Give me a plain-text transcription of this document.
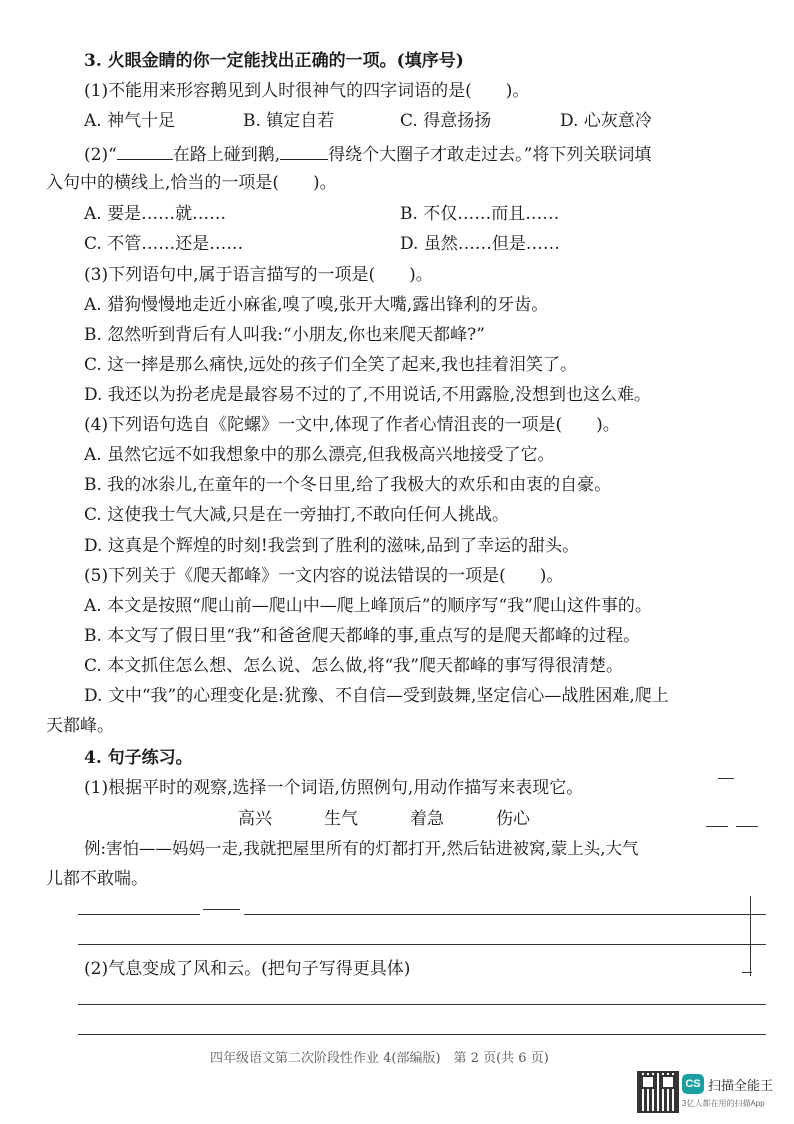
3. 火眼金睛的你一定能找出正确的一项。(填序号)
(1)不能用来形容鹅见到人时很神气的四字词语的是(　　)。
A. 神气十足	B. 镇定自若	C. 得意扬扬	D. 心灰意冷
(2)“	在路上碰到鹅,	得绕个大圈子才敢走过去。”将下列关联词填
入句中的横线上,恰当的一项是(　　)。
A. 要是……就……	B. 不仅……而且……
C. 不管……还是……	D. 虽然……但是……
(3)下列语句中,属于语言描写的一项是(　　)。
A. 猎狗慢慢地走近小麻雀,嗅了嗅,张开大嘴,露出锋利的牙齿。
B. 忽然听到背后有人叫我:“小朋友,你也来爬天都峰?”
C. 这一摔是那么痛快,远处的孩子们全笑了起来,我也挂着泪笑了。
D. 我还以为扮老虎是最容易不过的了,不用说话,不用露脸,没想到也这么难。
(4)下列语句选自《陀螺》一文中,体现了作者心情沮丧的一项是(　　)。
A. 虽然它远不如我想象中的那么漂亮,但我极高兴地接受了它。
B. 我的冰尜儿,在童年的一个冬日里,给了我极大的欢乐和由衷的自豪。
C. 这使我士气大减,只是在一旁抽打,不敢向任何人挑战。
D. 这真是个辉煌的时刻!我尝到了胜利的滋味,品到了幸运的甜头。
(5)下列关于《爬天都峰》一文内容的说法错误的一项是(　　)。
A. 本文是按照“爬山前—爬山中—爬上峰顶后”的顺序写“我”爬山这件事的。
B. 本文写了假日里“我”和爸爸爬天都峰的事,重点写的是爬天都峰的过程。
C. 本文抓住怎么想、怎么说、怎么做,将“我”爬天都峰的事写得很清楚。
D. 文中“我”的心理变化是:犹豫、不自信—受到鼓舞,坚定信心—战胜困难,爬上
天都峰。
4. 句子练习。
(1)根据平时的观察,选择一个词语,仿照例句,用动作描写来表现它。
高兴	生气	着急	伤心
例:害怕——妈妈一走,我就把屋里所有的灯都打开,然后钻进被窝,蒙上头,大气
儿都不敢喘。
(2)气息变成了风和云。(把句子写得更具体)
四年级语文第二次阶段性作业 4(部编版)　第 2 页(共 6 页)
CS 扫描全能王
3亿人都在用的扫描App
